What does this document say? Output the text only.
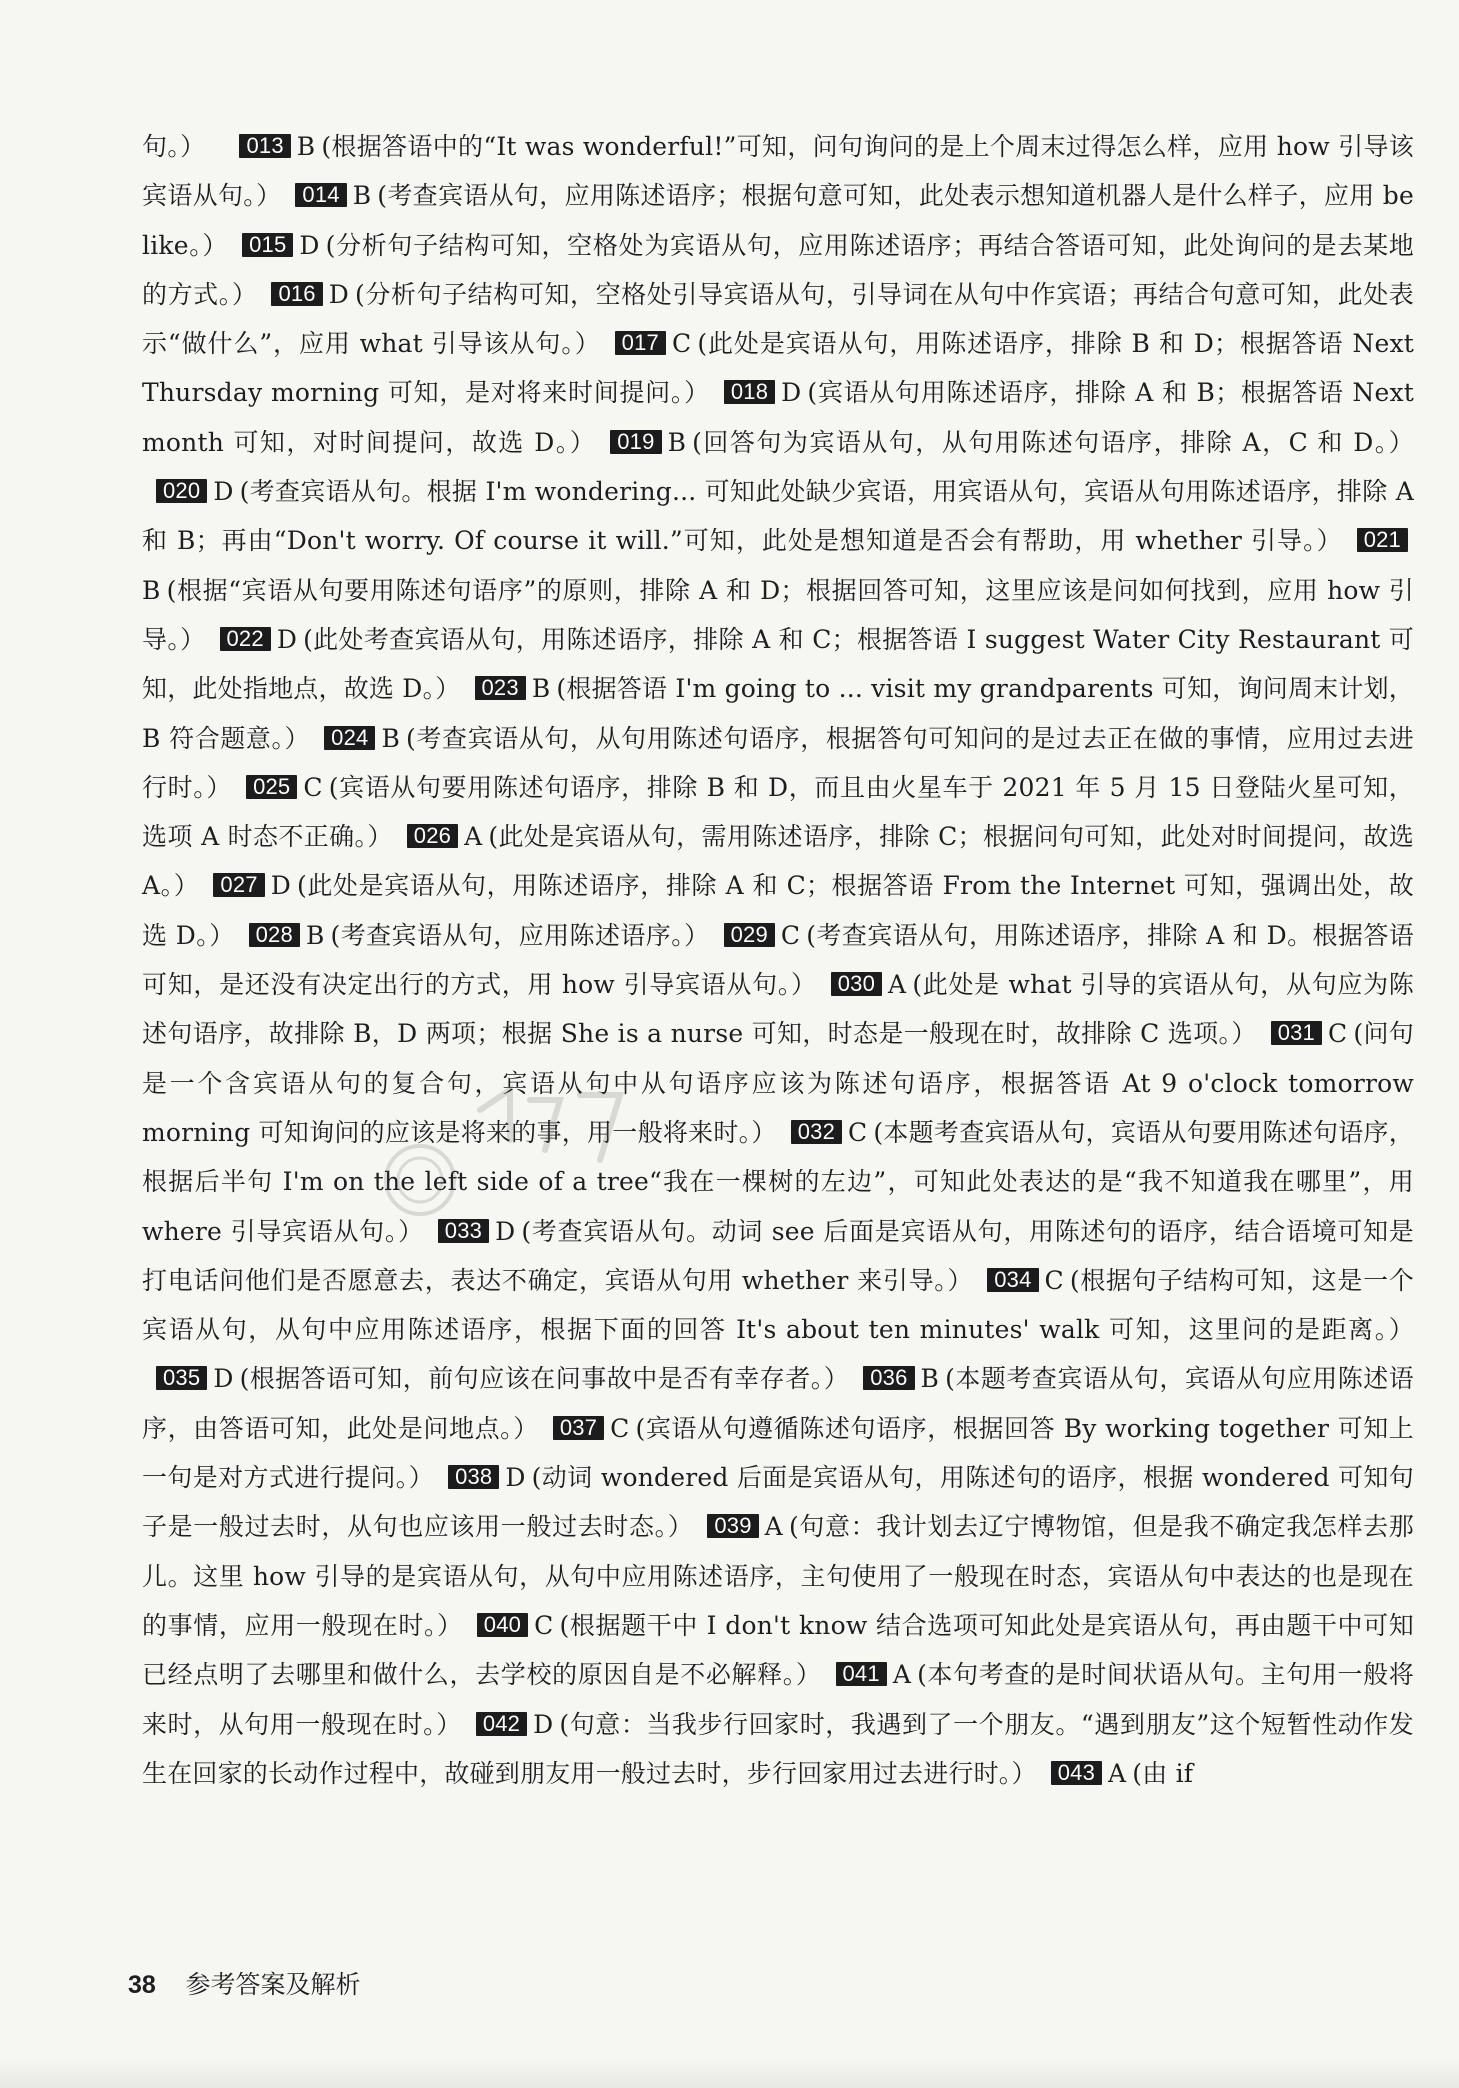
句。） 013 B (根据答语中的“It was wonderful!”可知，问句询问的是上个周末过得怎么样，应用 how 引导该宾语从句。） 014 B (考查宾语从句，应用陈述语序；根据句意可知，此处表示想知道机器人是什么样子，应用 be like。） 015 D (分析句子结构可知，空格处为宾语从句，应用陈述语序；再结合答语可知，此处询问的是去某地的方式。） 016 D (分析句子结构可知，空格处引导宾语从句，引导词在从句中作宾语；再结合句意可知，此处表示“做什么”，应用 what 引导该从句。） 017 C (此处是宾语从句，用陈述语序，排除 B 和 D；根据答语 Next Thursday morning 可知，是对将来时间提问。） 018 D (宾语从句用陈述语序，排除 A 和 B；根据答语 Next month 可知，对时间提问，故选 D。） 019 B (回答句为宾语从句，从句用陈述句语序，排除 A，C 和 D。）020 D (考查宾语从句。根据 I'm wondering... 可知此处缺少宾语，用宾语从句，宾语从句用陈述语序，排除 A 和 B；再由“Don't worry. Of course it will.”可知，此处是想知道是否会有帮助，用 whether 引导。） 021B (根据“宾语从句要用陈述句语序”的原则，排除 A 和 D；根据回答可知，这里应该是问如何找到，应用 how 引导。） 022 D (此处考查宾语从句，用陈述语序，排除 A 和 C；根据答语 I suggest Water City Restaurant 可知，此处指地点，故选 D。） 023 B (根据答语 I'm going to ... visit my grandparents 可知，询问周末计划，B 符合题意。） 024 B (考查宾语从句，从句用陈述句语序，根据答句可知问的是过去正在做的事情，应用过去进行时。） 025 C (宾语从句要用陈述句语序，排除 B 和 D，而且由火星车于 2021 年 5 月 15 日登陆火星可知，选项 A 时态不正确。） 026 A (此处是宾语从句，需用陈述语序，排除 C；根据问句可知，此处对时间提问，故选 A。） 027 D (此处是宾语从句，用陈述语序，排除 A 和 C；根据答语 From the Internet 可知，强调出处，故选 D。） 028 B (考查宾语从句，应用陈述语序。） 029 C (考查宾语从句，用陈述语序，排除 A 和 D。根据答语可知，是还没有决定出行的方式，用 how 引导宾语从句。） 030 A (此处是 what 引导的宾语从句，从句应为陈述句语序，故排除 B，D 两项；根据 She is a nurse 可知，时态是一般现在时，故排除 C 选项。） 031 C (问句是一个含宾语从句的复合句，宾语从句中从句语序应该为陈述句语序，根据答语 At 9 o'clock tomorrow morning 可知询问的应该是将来的事，用一般将来时。） 032 C (本题考查宾语从句，宾语从句要用陈述句语序，根据后半句 I'm on the left side of a tree“我在一棵树的左边”，可知此处表达的是“我不知道我在哪里”，用 where 引导宾语从句。） 033 D (考查宾语从句。动词 see 后面是宾语从句，用陈述句的语序，结合语境可知是打电话问他们是否愿意去，表达不确定，宾语从句用 whether 来引导。） 034 C (根据句子结构可知，这是一个宾语从句，从句中应用陈述语序，根据下面的回答 It's about ten minutes' walk 可知，这里问的是距离。）035 D (根据答语可知，前句应该在问事故中是否有幸存者。） 036 B (本题考查宾语从句，宾语从句应用陈述语序，由答语可知，此处是问地点。） 037 C (宾语从句遵循陈述句语序，根据回答 By working together 可知上一句是对方式进行提问。） 038 D (动词 wondered 后面是宾语从句，用陈述句的语序，根据 wondered 可知句子是一般过去时，从句也应该用一般过去时态。） 039 A (句意：我计划去辽宁博物馆，但是我不确定我怎样去那儿。这里 how 引导的是宾语从句，从句中应用陈述语序，主句使用了一般现在时态，宾语从句中表达的也是现在的事情，应用一般现在时。） 040 C (根据题干中 I don't know 结合选项可知此处是宾语从句，再由题干中可知已经点明了去哪里和做什么，去学校的原因自是不必解释。） 041 A (本句考查的是时间状语从句。主句用一般将来时，从句用一般现在时。） 042 D (句意：当我步行回家时，我遇到了一个朋友。“遇到朋友”这个短暂性动作发生在回家的长动作过程中，故碰到朋友用一般过去时，步行回家用过去进行时。） 043 A (由 if
38 参考答案及解析
